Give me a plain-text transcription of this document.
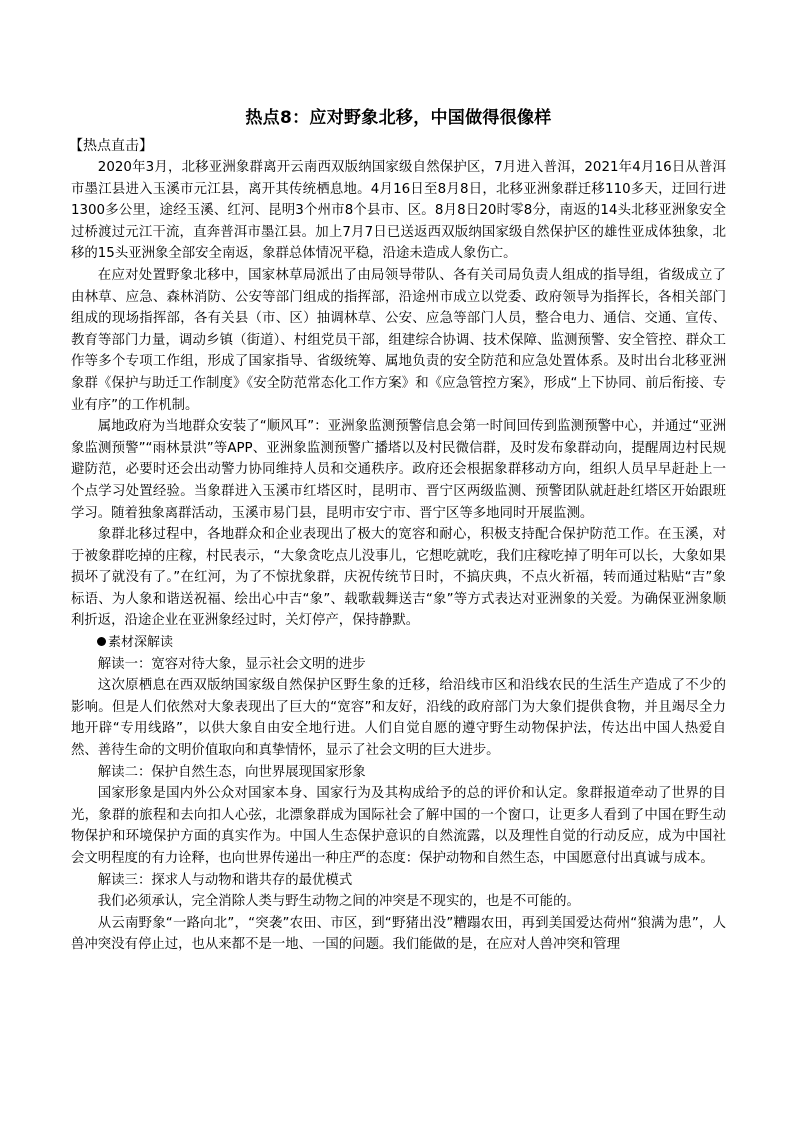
热点8：应对野象北移，中国做得很像样
【热点直击】

2020年3月，北移亚洲象群离开云南西双版纳国家级自然保护区，7月进入普洱，2021年4月16日从普洱市墨江县进入玉溪市元江县，离开其传统栖息地。4月16日至8月8日，北移亚洲象群迁移110多天，迂回行进1300多公里，途经玉溪、红河、昆明3个州市8个县市、区。8月8日20时零8分，南返的14头北移亚洲象安全过桥渡过元江干流，直奔普洱市墨江县。加上7月7日已送返西双版纳国家级自然保护区的雄性亚成体独象，北移的15头亚洲象全部安全南返，象群总体情况平稳，沿途未造成人象伤亡。

在应对处置野象北移中，国家林草局派出了由局领导带队、各有关司局负责人组成的指导组，省级成立了由林草、应急、森林消防、公安等部门组成的指挥部，沿途州市成立以党委、政府领导为指挥长，各相关部门组成的现场指挥部，各有关县（市、区）抽调林草、公安、应急等部门人员，整合电力、通信、交通、宣传、教育等部门力量，调动乡镇（街道）、村组党员干部，组建综合协调、技术保障、监测预警、安全管控、群众工作等多个专项工作组，形成了国家指导、省级统筹、属地负责的安全防范和应急处置体系。及时出台北移亚洲象群《保护与助迁工作制度》《安全防范常态化工作方案》和《应急管控方案》，形成“上下协同、前后衔接、专业有序”的工作机制。

属地政府为当地群众安装了“顺风耳”：亚洲象监测预警信息会第一时间回传到监测预警中心，并通过“亚洲象监测预警”“雨林景洪”等APP、亚洲象监测预警广播塔以及村民微信群，及时发布象群动向，提醒周边村民规避防范，必要时还会出动警力协同维持人员和交通秩序。政府还会根据象群移动方向，组织人员早早赶赴上一个点学习处置经验。当象群进入玉溪市红塔区时，昆明市、晋宁区两级监测、预警团队就赶赴红塔区开始跟班学习。随着独象离群活动，玉溪市易门县，昆明市安宁市、晋宁区等多地同时开展监测。

象群北移过程中，各地群众和企业表现出了极大的宽容和耐心，积极支持配合保护防范工作。在玉溪，对于被象群吃掉的庄稼，村民表示，“大象贪吃点儿没事儿，它想吃就吃，我们庄稼吃掉了明年可以长，大象如果损坏了就没有了。”在红河，为了不惊扰象群，庆祝传统节日时，不搞庆典，不点火祈福，转而通过粘贴“吉”象标语、为人象和谐送祝福、绘出心中吉“象”、载歌载舞送吉“象”等方式表达对亚洲象的关爱。为确保亚洲象顺利折返，沿途企业在亚洲象经过时，关灯停产，保持静默。

素材深解读

解读一：宽容对待大象，显示社会文明的进步

这次原栖息在西双版纳国家级自然保护区野生象的迁移，给沿线市区和沿线农民的生活生产造成了不少的影响。但是人们依然对大象表现出了巨大的“宽容”和友好，沿线的政府部门为大象们提供食物，并且竭尽全力地开辟“专用线路”，以供大象自由安全地行进。人们自觉自愿的遵守野生动物保护法，传达出中国人热爱自然、善待生命的文明价值取向和真挚情怀，显示了社会文明的巨大进步。

解读二：保护自然生态，向世界展现国家形象

国家形象是国内外公众对国家本身、国家行为及其构成给予的总的评价和认定。象群报道牵动了世界的目光，象群的旅程和去向扣人心弦，北漂象群成为国际社会了解中国的一个窗口，让更多人看到了中国在野生动物保护和环境保护方面的真实作为。中国人生态保护意识的自然流露，以及理性自觉的行动反应，成为中国社会文明程度的有力诠释，也向世界传递出一种庄严的态度：保护动物和自然生态，中国愿意付出真诚与成本。

解读三：探求人与动物和谐共存的最优模式

我们必须承认，完全消除人类与野生动物之间的冲突是不现实的，也是不可能的。

从云南野象“一路向北”，“突袭”农田、市区，到“野猪出没”糟蹋农田，再到美国爱达荷州“狼满为患”，人兽冲突没有停止过，也从来都不是一地、一国的问题。我们能做的是，在应对人兽冲突和管理
